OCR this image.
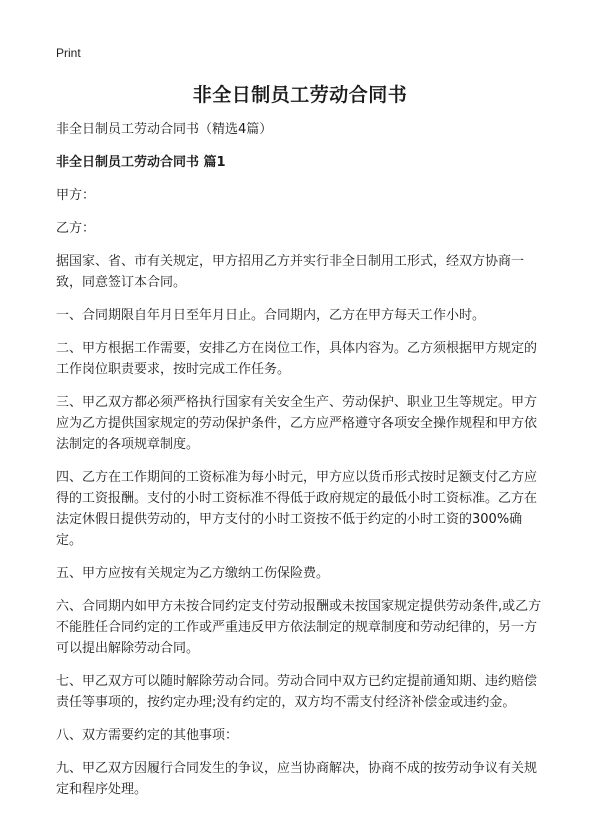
Print
非全日制员工劳动合同书

非全日制员工劳动合同书（精选4篇）

非全日制员工劳动合同书 篇1

甲方：

乙方：

据国家、省、市有关规定，甲方招用乙方并实行非全日制用工形式，经双方协商一致，同意签订本合同。

一、合同期限自年月日至年月日止。合同期内，乙方在甲方每天工作小时。

二、甲方根据工作需要，安排乙方在岗位工作，具体内容为。乙方须根据甲方规定的工作岗位职责要求，按时完成工作任务。

三、甲乙双方都必须严格执行国家有关安全生产、劳动保护、职业卫生等规定。甲方应为乙方提供国家规定的劳动保护条件，乙方应严格遵守各项安全操作规程和甲方依法制定的各项规章制度。

四、乙方在工作期间的工资标准为每小时元，甲方应以货币形式按时足额支付乙方应得的工资报酬。支付的小时工资标准不得低于政府规定的最低小时工资标准。乙方在法定休假日提供劳动的，甲方支付的小时工资按不低于约定的小时工资的300%确定。

五、甲方应按有关规定为乙方缴纳工伤保险费。

六、合同期内如甲方未按合同约定支付劳动报酬或未按国家规定提供劳动条件,或乙方不能胜任合同约定的工作或严重违反甲方依法制定的规章制度和劳动纪律的，另一方可以提出解除劳动合同。

七、甲乙双方可以随时解除劳动合同。劳动合同中双方已约定提前通知期、违约赔偿责任等事项的，按约定办理;没有约定的，双方均不需支付经济补偿金或违约金。

八、双方需要约定的其他事项：

九、甲乙双方因履行合同发生的争议，应当协商解决，协商不成的按劳动争议有关规定和程序处理。
